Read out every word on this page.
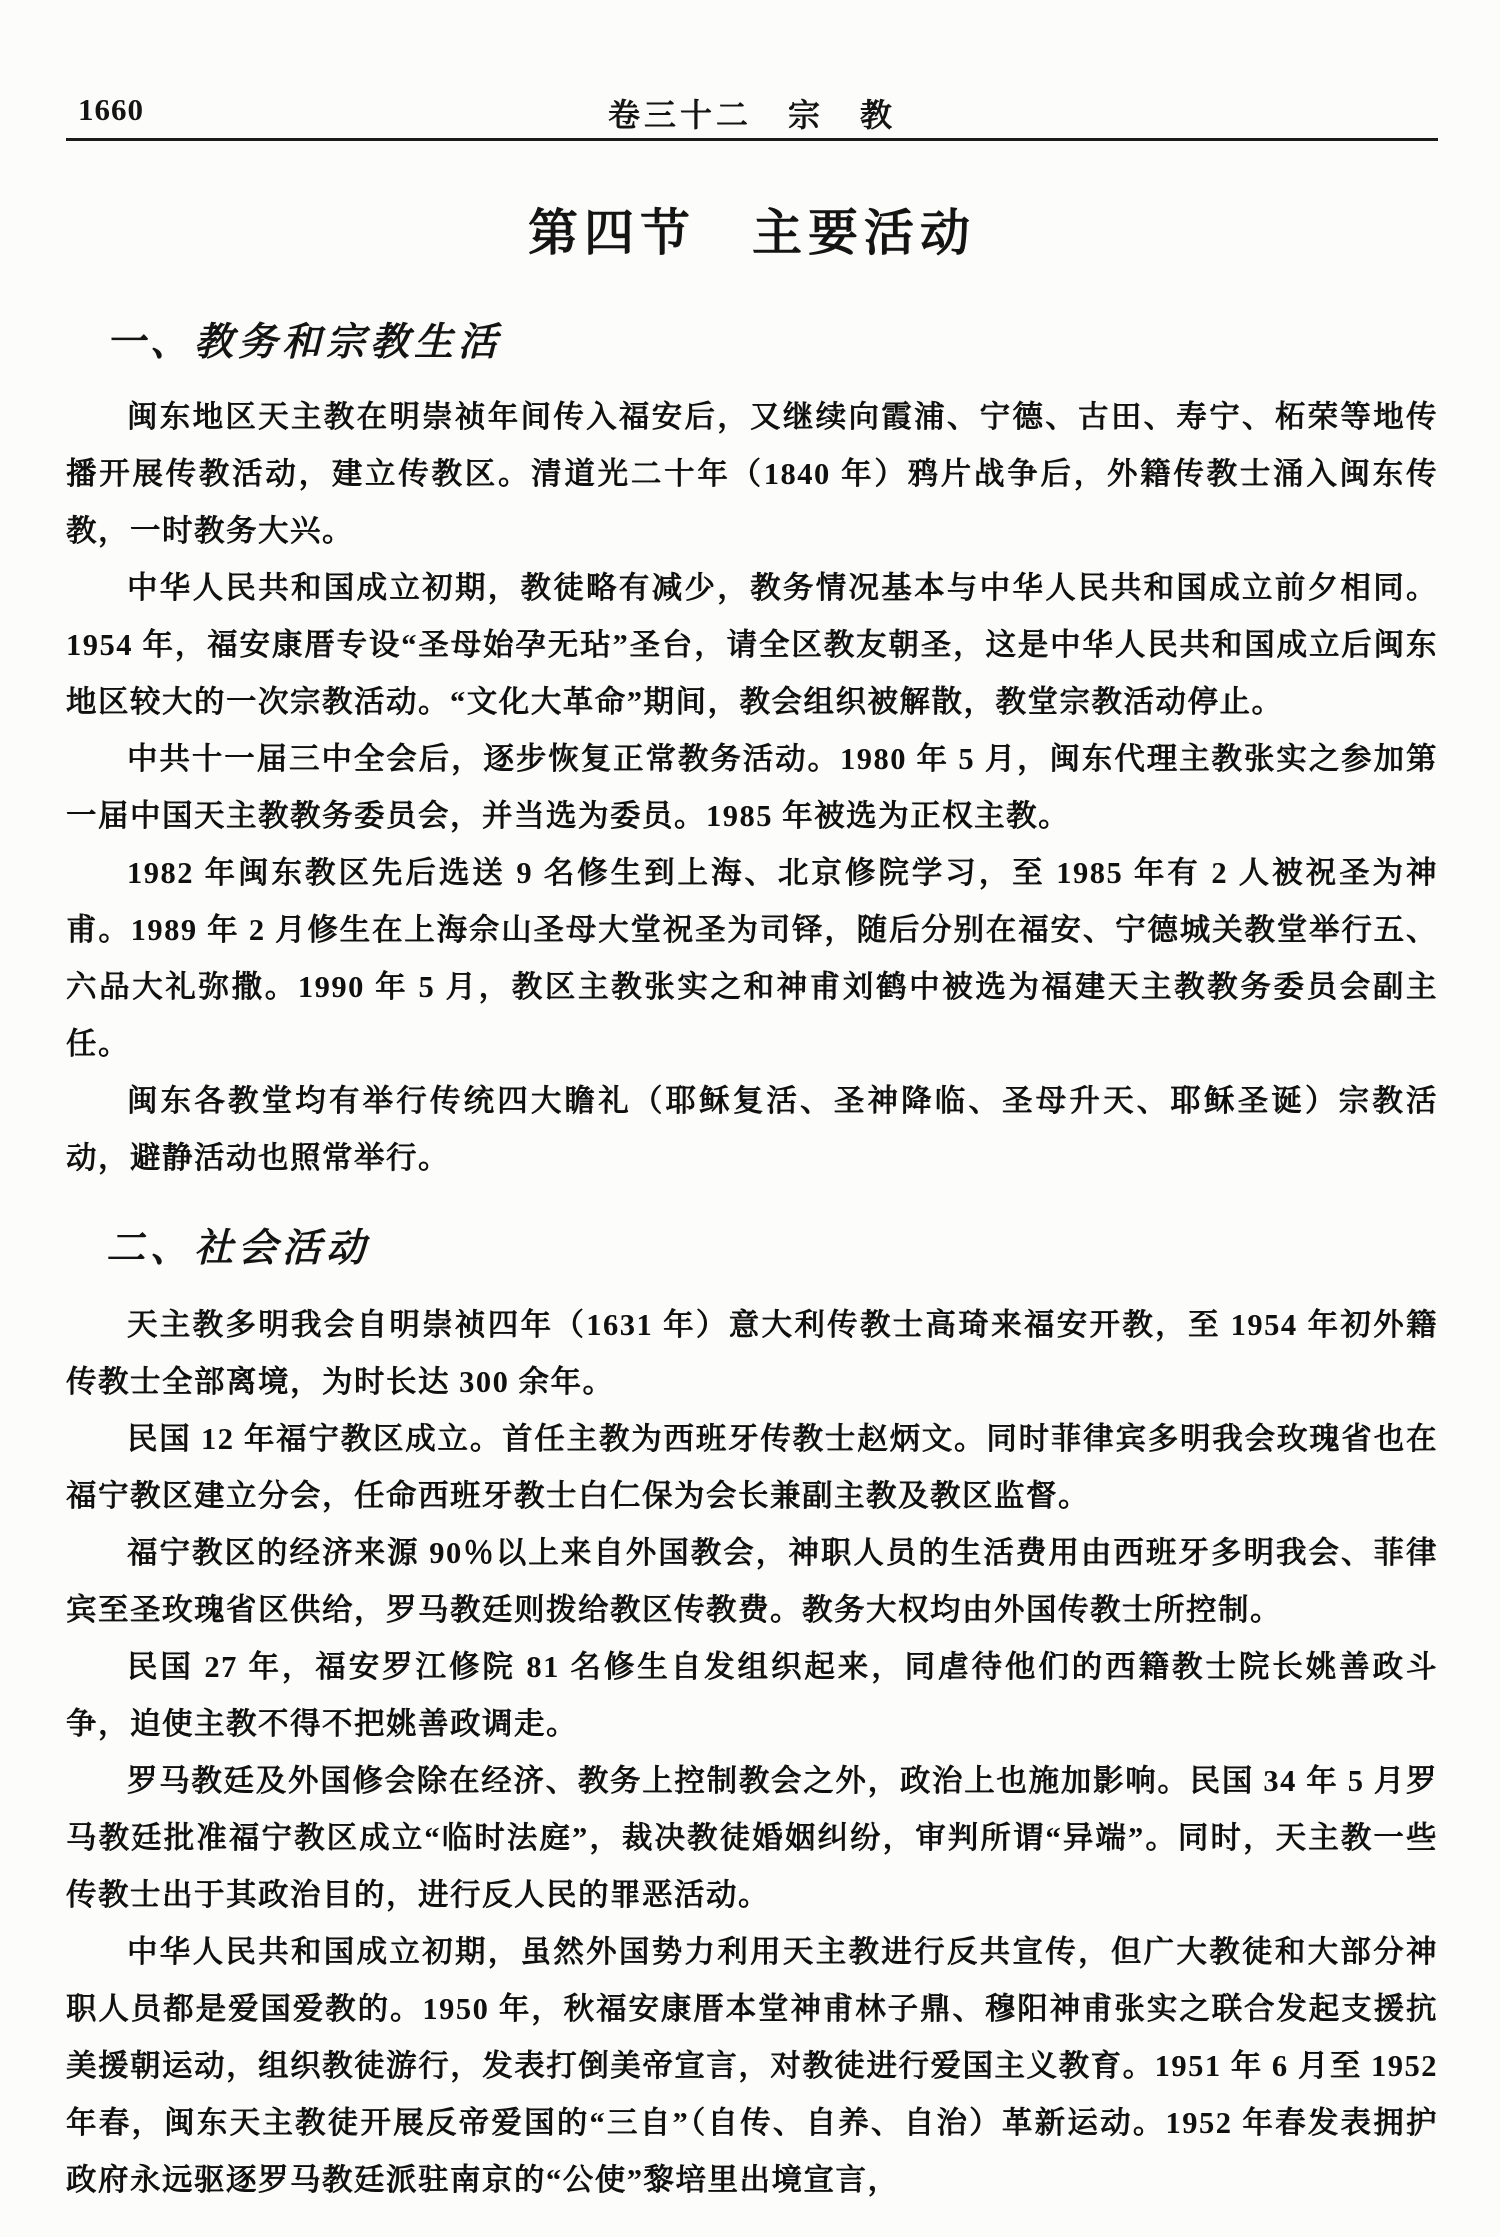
1660	卷三十二　宗　教
第四节　主要活动
一、教务和宗教生活

闽东地区天主教在明崇祯年间传入福安后，又继续向霞浦、宁德、古田、寿宁、柘荣等地传播开展传教活动，建立传教区。清道光二十年（1840 年）鸦片战争后，外籍传教士涌入闽东传教，一时教务大兴。

中华人民共和国成立初期，教徒略有减少，教务情况基本与中华人民共和国成立前夕相同。1954 年，福安康厝专设“圣母始孕无玷”圣台，请全区教友朝圣，这是中华人民共和国成立后闽东地区较大的一次宗教活动。“文化大革命”期间，教会组织被解散，教堂宗教活动停止。

中共十一届三中全会后，逐步恢复正常教务活动。1980 年 5 月，闽东代理主教张实之参加第一届中国天主教教务委员会，并当选为委员。1985 年被选为正权主教。

1982 年闽东教区先后选送 9 名修生到上海、北京修院学习，至 1985 年有 2 人被祝圣为神甫。1989 年 2 月修生在上海佘山圣母大堂祝圣为司铎，随后分别在福安、宁德城关教堂举行五、六品大礼弥撒。1990 年 5 月，教区主教张实之和神甫刘鹤中被选为福建天主教教务委员会副主任。

闽东各教堂均有举行传统四大瞻礼（耶稣复活、圣神降临、圣母升天、耶稣圣诞）宗教活动，避静活动也照常举行。

二、社会活动

天主教多明我会自明崇祯四年（1631 年）意大利传教士高琦来福安开教，至 1954 年初外籍传教士全部离境，为时长达 300 余年。

民国 12 年福宁教区成立。首任主教为西班牙传教士赵炳文。同时菲律宾多明我会玫瑰省也在福宁教区建立分会，任命西班牙教士白仁保为会长兼副主教及教区监督。

福宁教区的经济来源 90％以上来自外国教会，神职人员的生活费用由西班牙多明我会、菲律宾至圣玫瑰省区供给，罗马教廷则拨给教区传教费。教务大权均由外国传教士所控制。

民国 27 年，福安罗江修院 81 名修生自发组织起来，同虐待他们的西籍教士院长姚善政斗争，迫使主教不得不把姚善政调走。

罗马教廷及外国修会除在经济、教务上控制教会之外，政治上也施加影响。民国 34 年 5 月罗马教廷批准福宁教区成立“临时法庭”，裁决教徒婚姻纠纷，审判所谓“异端”。同时，天主教一些传教士出于其政治目的，进行反人民的罪恶活动。

中华人民共和国成立初期，虽然外国势力利用天主教进行反共宣传，但广大教徒和大部分神职人员都是爱国爱教的。1950 年，秋福安康厝本堂神甫林子鼎、穆阳神甫张实之联合发起支援抗美援朝运动，组织教徒游行，发表打倒美帝宣言，对教徒进行爱国主义教育。1951 年 6 月至 1952 年春，闽东天主教徒开展反帝爱国的“三自”（自传、自养、自治）革新运动。1952 年春发表拥护政府永远驱逐罗马教廷派驻南京的“公使”黎培里出境宣言，
